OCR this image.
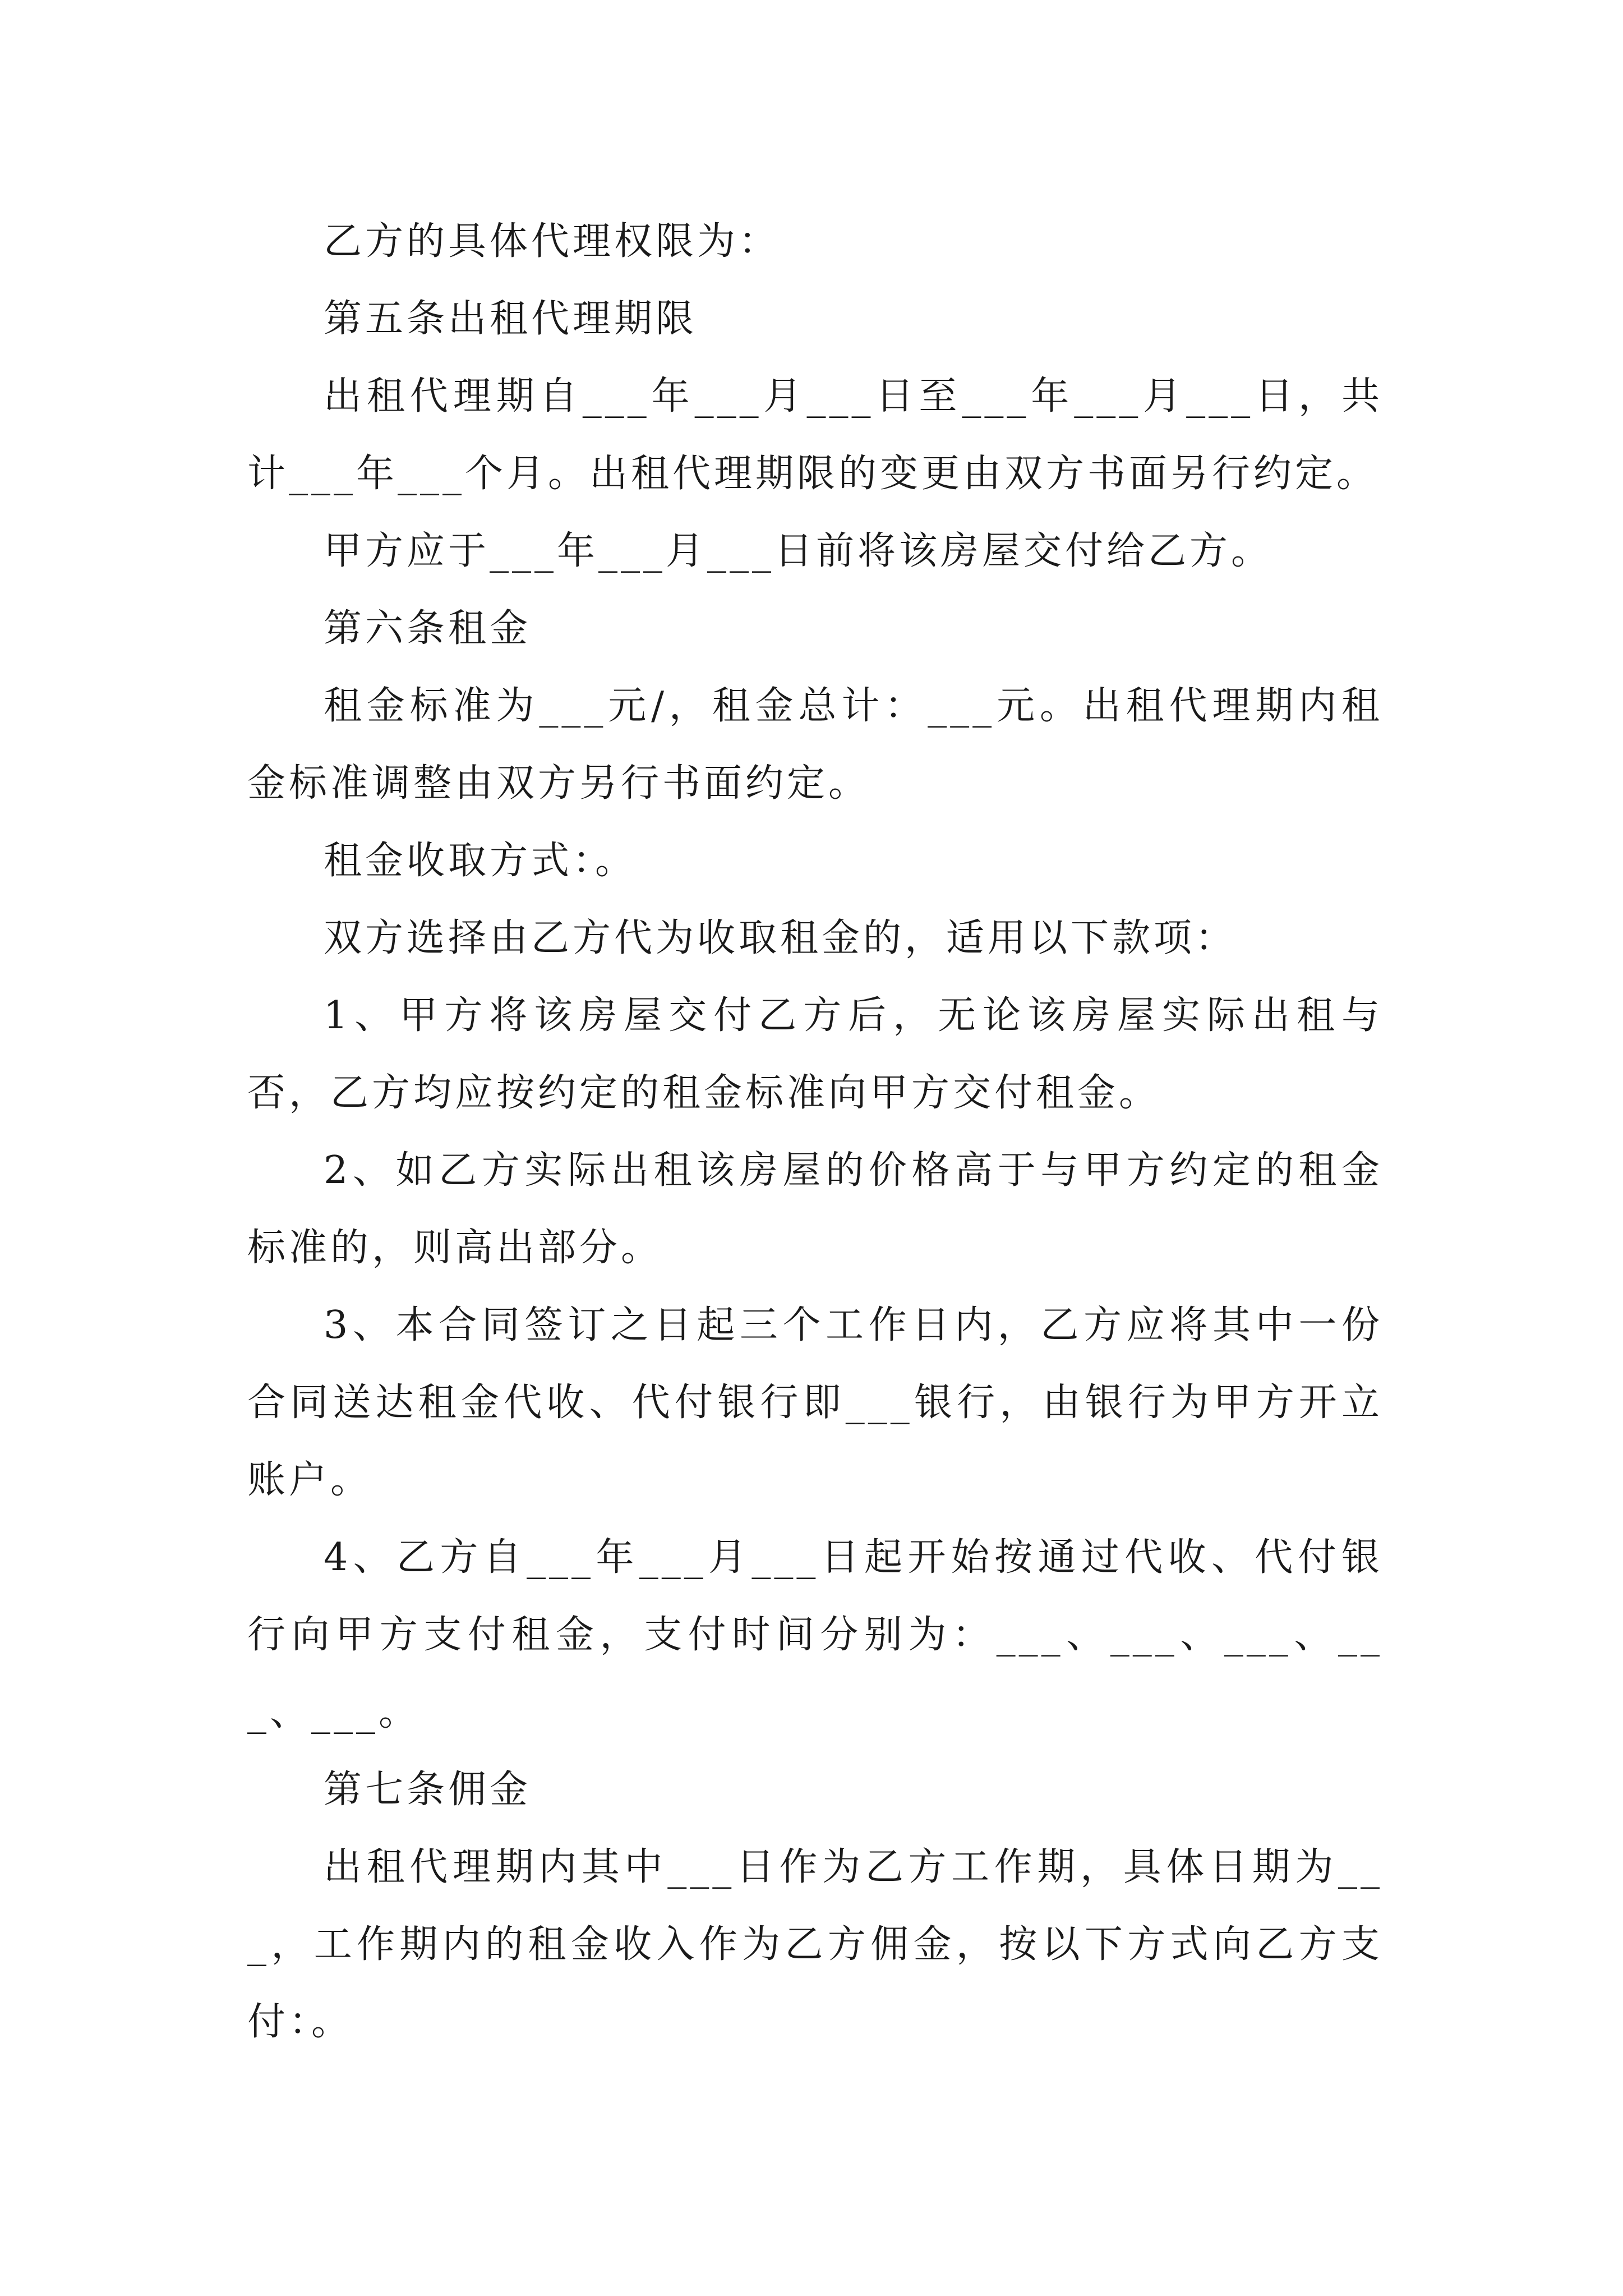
乙方的具体代理权限为：

第五条出租代理期限

出租代理期自___年___月___日至___年___月___日，共计___年___个月。出租代理期限的变更由双方书面另行约定。

甲方应于___年___月___日前将该房屋交付给乙方。

第六条租金

租金标准为___元/，租金总计：___元。出租代理期内租金标准调整由双方另行书面约定。

租金收取方式：。

双方选择由乙方代为收取租金的，适用以下款项：

1、甲方将该房屋交付乙方后，无论该房屋实际出租与否，乙方均应按约定的租金标准向甲方交付租金。

2、如乙方实际出租该房屋的价格高于与甲方约定的租金标准的，则高出部分。

3、本合同签订之日起三个工作日内，乙方应将其中一份合同送达租金代收、代付银行即___银行，由银行为甲方开立账户。

4、乙方自___年___月___日起开始按通过代收、代付银行向甲方支付租金，支付时间分别为：___、___、___、___、___。

第七条佣金

出租代理期内其中___日作为乙方工作期，具体日期为___，工作期内的租金收入作为乙方佣金，按以下方式向乙方支付：。
